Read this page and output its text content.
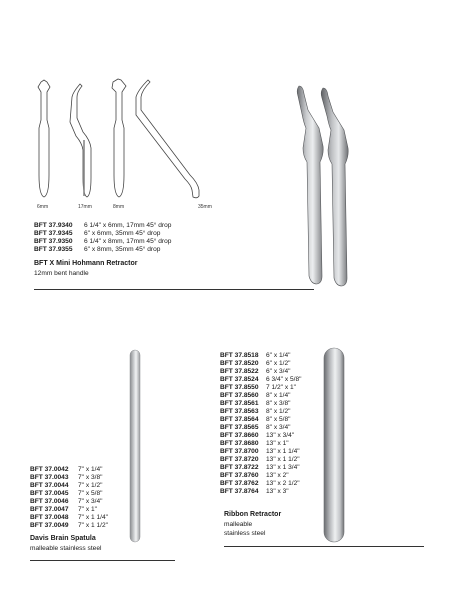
6mm	17mm	8mm	35mm
BFT 37.9340 6 1/4" x 6mm, 17mm 45° drop
BFT 37.9345 6" x 6mm, 35mm 45° drop
BFT 37.9350 6 1/4" x 8mm, 17mm 45° drop
BFT 37.9355 6" x 8mm, 35mm 45° drop
BFT X Mini Hohmann Retractor
12mm bent handle
BFT 37.0042 7" x 1/4"
BFT 37.0043 7" x 3/8"
BFT 37.0044 7" x 1/2"
BFT 37.0045 7" x 5/8"
BFT 37.0046 7" x 3/4"
BFT 37.0047 7" x 1"
BFT 37.0048 7" x 1 1/4"
BFT 37.0049 7" x 1 1/2"
Davis Brain Spatula
malleable stainless steel
BFT 37.8518 6" x 1/4"
BFT 37.8520 6" x 1/2"
BFT 37.8522 6" x 3/4"
BFT 37.8524 6 3/4" x 5/8"
BFT 37.8550 7 1/2" x 1"
BFT 37.8560 8" x 1/4"
BFT 37.8561 8" x 3/8"
BFT 37.8563 8" x 1/2"
BFT 37.8564 8" x 5/8"
BFT 37.8565 8" x 3/4"
BFT 37.8660 13" x 3/4"
BFT 37.8680 13" x 1"
BFT 37.8700 13" x 1 1/4"
BFT 37.8720 13" x 1 1/2"
BFT 37.8722 13" x 1 3/4"
BFT 37.8760 13" x 2"
BFT 37.8762 13" x 2 1/2"
BFT 37.8764 13" x 3"
Ribbon Retractor
malleable
stainless steel
